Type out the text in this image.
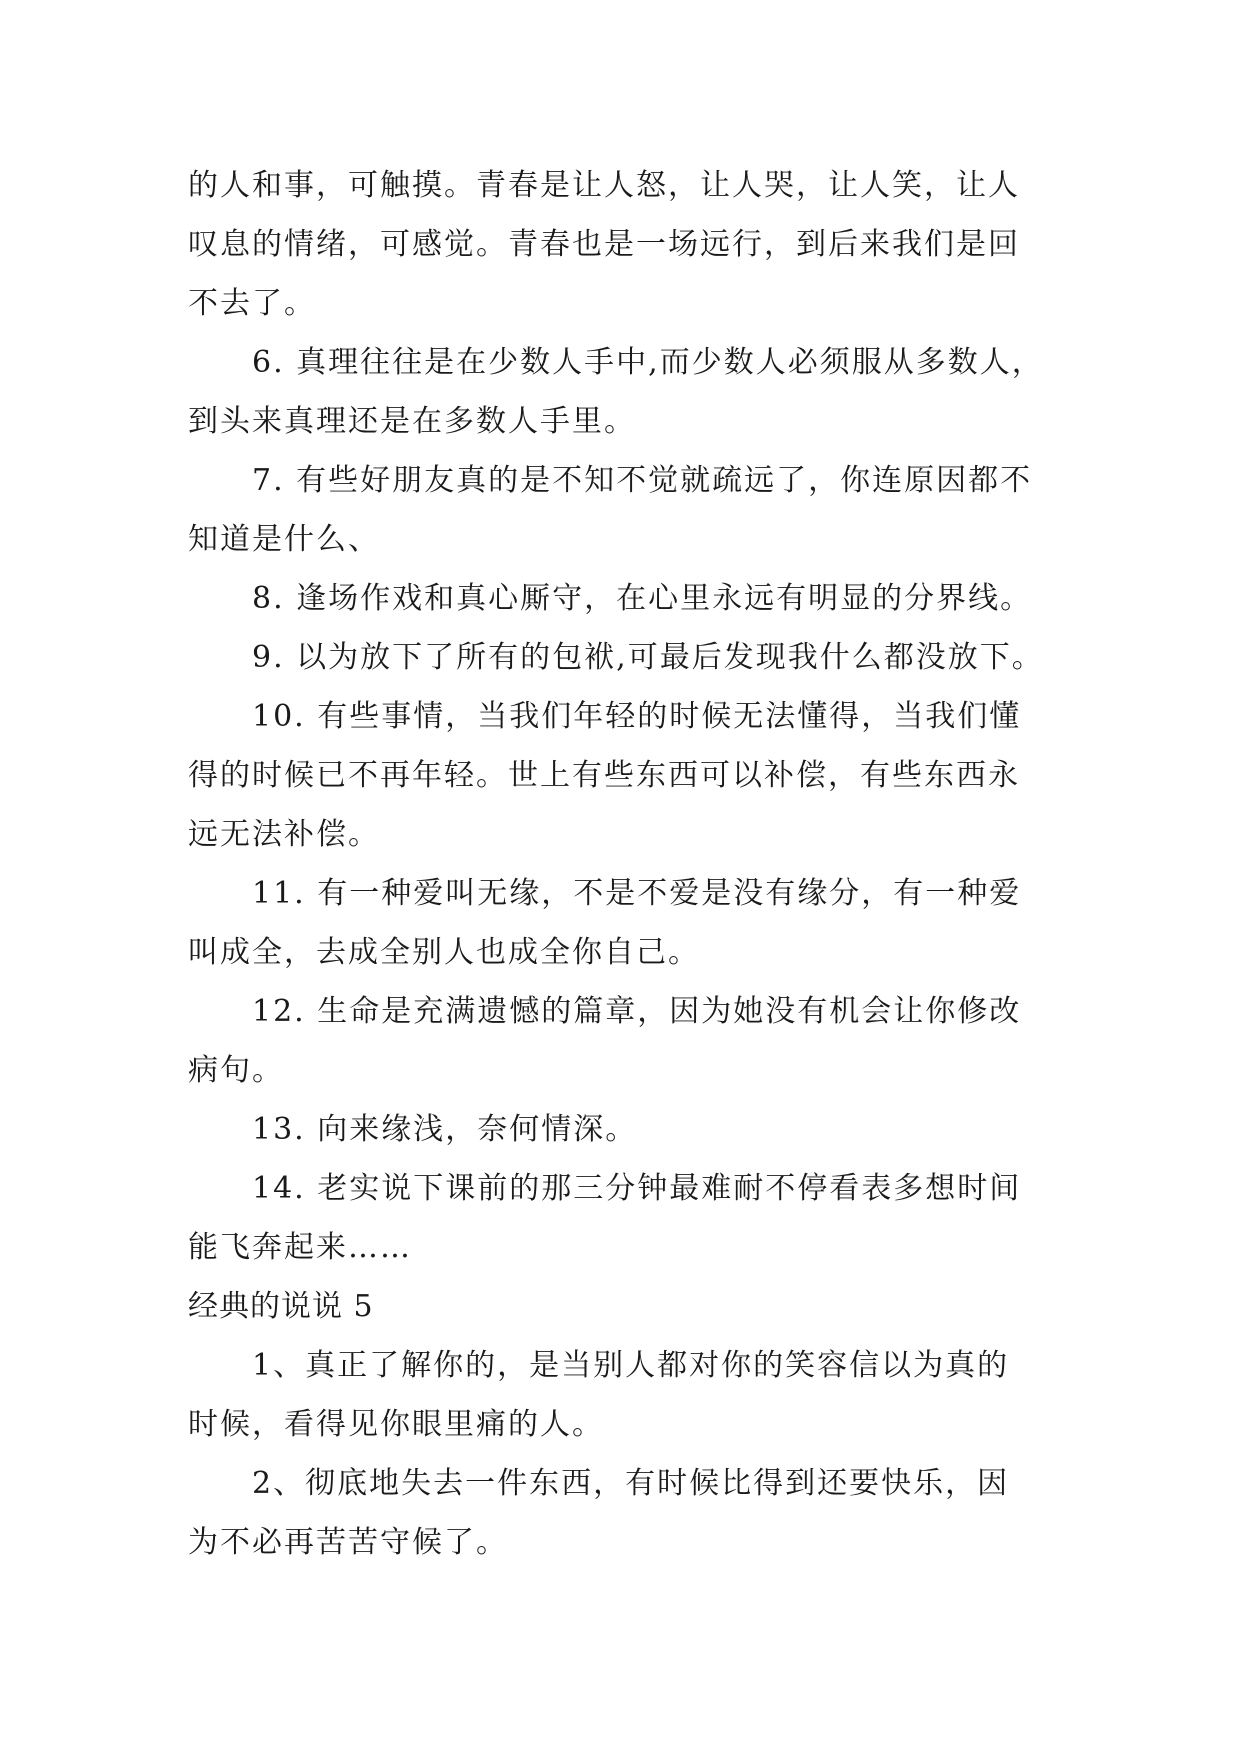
的人和事，可触摸。青春是让人怒，让人哭，让人笑，让人
叹息的情绪，可感觉。青春也是一场远行，到后来我们是回
不去了。
6. 真理往往是在少数人手中,而少数人必须服从多数人，
到头来真理还是在多数人手里。
7. 有些好朋友真的是不知不觉就疏远了，你连原因都不
知道是什么、
8. 逢场作戏和真心厮守，在心里永远有明显的分界线。
9. 以为放下了所有的包袱,可最后发现我什么都没放下。
10. 有些事情，当我们年轻的时候无法懂得，当我们懂
得的时候已不再年轻。世上有些东西可以补偿，有些东西永
远无法补偿。
11. 有一种爱叫无缘，不是不爱是没有缘分，有一种爱
叫成全，去成全别人也成全你自己。
12. 生命是充满遗憾的篇章，因为她没有机会让你修改
病句。
13. 向来缘浅，奈何情深。
14. 老实说下课前的那三分钟最难耐不停看表多想时间
能飞奔起来……
经典的说说 5
1、真正了解你的，是当别人都对你的笑容信以为真的
时候，看得见你眼里痛的人。
2、彻底地失去一件东西，有时候比得到还要快乐，因
为不必再苦苦守候了。
